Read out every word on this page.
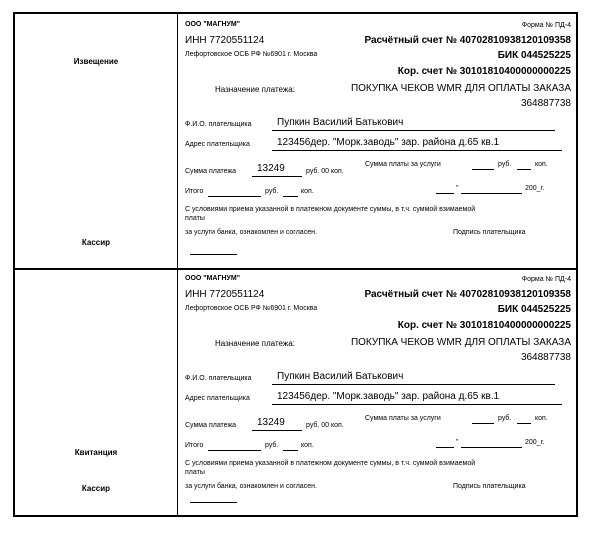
Извещение
Кассир
Квитанция
Кассир
ООО "МАГНУМ"	Форма № ПД-4
ИНН 7720551124	Расчётный счет № 40702810938120109358
Лефортовское ОСБ РФ №6901 г. Москва	БИК 044525225
Кор. счет № 30101810400000000225
Назначение платежа:	ПОКУПКА ЧЕКОВ WMR ДЛЯ ОПЛАТЫ ЗАКАЗА
364887738
Ф.И.О. плательщика	Пупкин Василий Батькович
Адрес плательщика	123456дер. "Морк.заводь" зар. района д.65 кв.1
Сумма платежа 13249	руб. 00 коп.
Сумма платы за услуги	руб.	коп.
Итого	руб.	коп.	"	200_г.
С условиями приема указанной в платежном документе суммы, в т.ч. суммой взимаемой
платы
за услуги банка, ознакомлен и согласен.	Подпись плательщика
ООО "МАГНУМ"	Форма № ПД-4
ИНН 7720551124	Расчётный счет № 40702810938120109358
Лефортовское ОСБ РФ №6901 г. Москва	БИК 044525225
Кор. счет № 30101810400000000225
Назначение платежа:	ПОКУПКА ЧЕКОВ WMR ДЛЯ ОПЛАТЫ ЗАКАЗА
364887738
Ф.И.О. плательщика	Пупкин Василий Батькович
Адрес плательщика	123456дер. "Морк.заводь" зар. района д.65 кв.1
Сумма платежа 13249	руб. 00 коп.
Сумма платы за услуги	руб.	коп.
Итого	руб.	коп.	"	200_г.
С условиями приема указанной в платежном документе суммы, в т.ч. суммой взимаемой
платы
за услуги банка, ознакомлен и согласен.	Подпись плательщика
